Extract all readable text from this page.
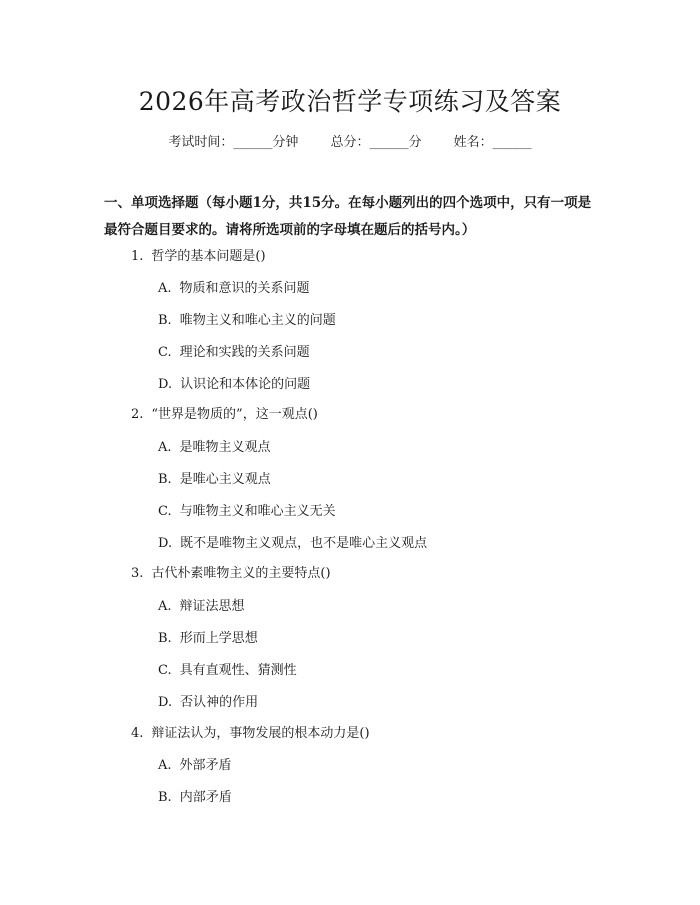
2026年高考政治哲学专项练习及答案
考试时间：______分钟 总分：______分 姓名：______

一、单项选择题（每小题1分，共15分。在每小题列出的四个选项中，只有一项是最符合题目要求的。请将所选项前的字母填在题后的括号内。）

1. 哲学的基本问题是()
A. 物质和意识的关系问题
B. 唯物主义和唯心主义的问题
C. 理论和实践的关系问题
D. 认识论和本体论的问题
2. “世界是物质的”，这一观点()
A. 是唯物主义观点
B. 是唯心主义观点
C. 与唯物主义和唯心主义无关
D. 既不是唯物主义观点，也不是唯心主义观点
3. 古代朴素唯物主义的主要特点()
A. 辩证法思想
B. 形而上学思想
C. 具有直观性、猜测性
D. 否认神的作用
4. 辩证法认为，事物发展的根本动力是()
A. 外部矛盾
B. 内部矛盾
